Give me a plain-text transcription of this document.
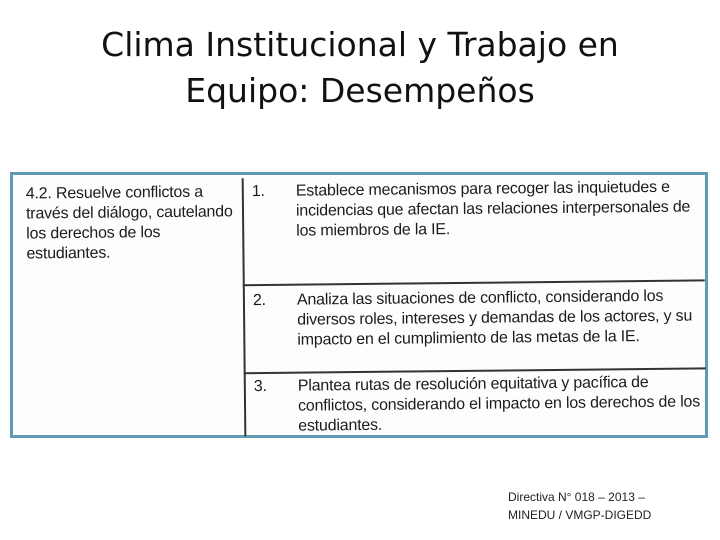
Clima Institucional y Trabajo en
Equipo: Desempeños
4.2. Resuelve conflictos a través del diálogo, cautelando los derechos de los estudiantes.
1.	Establece mecanismos para recoger las inquietudes e incidencias que afectan las relaciones interpersonales de los miembros de la IE.
2.	Analiza las situaciones de conflicto, considerando los diversos roles, intereses y demandas de los actores, y su impacto en el cumplimiento de las metas de la IE.
3.	Plantea rutas de resolución equitativa y pacífica de conflictos, considerando el impacto en los derechos de los estudiantes.
Directiva N° 018 – 2013 –
MINEDU / VMGP-DIGEDD
